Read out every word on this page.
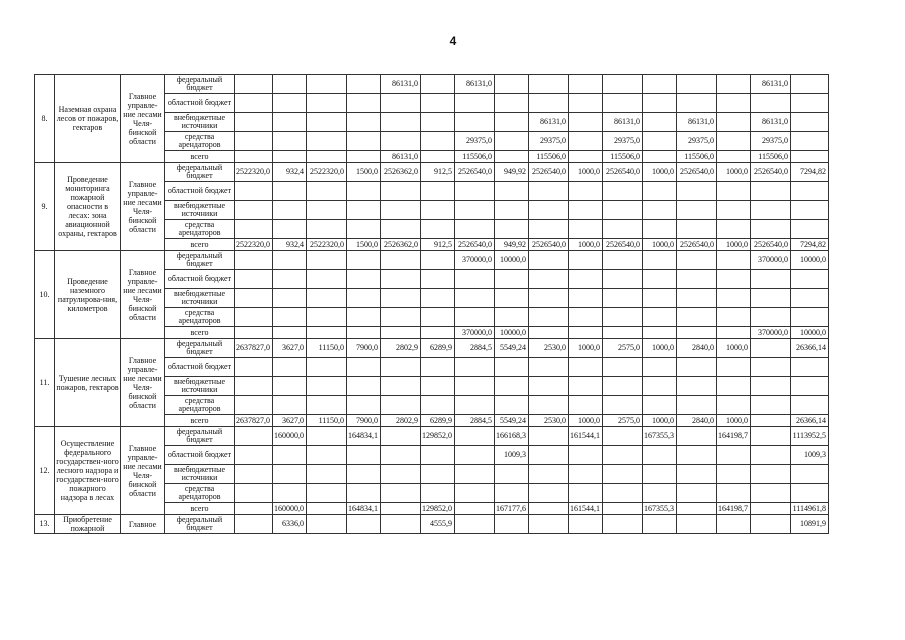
4
8.	Наземная охрана лесов от пожаров, гектаров	Главное управле-ние лесами Челя-бинской области	федеральный бюджет					86131,0		86131,0								86131,0	
			областной бюджет																
			внебюджетные источники									86131,0		86131,0		86131,0		86131,0	
			средства арендаторов							29375,0		29375,0		29375,0		29375,0		29375,0	
			всего					86131,0		115506,0		115506,0		115506,0		115506,0		115506,0	
9.	Проведение мониторинга пожарной опасности в лесах: зона авиационной охраны, гектаров	Главное управле-ние лесами Челя-бинской области	федеральный бюджет	2522320,0	932,4	2522320,0	1500,0	2526362,0	912,5	2526540,0	949,92	2526540,0	1000,0	2526540,0	1000,0	2526540,0	1000,0	2526540,0	7294,82
			областной бюджет																
			внебюджетные источники																
			средства арендаторов																
			всего	2522320,0	932,4	2522320,0	1500,0	2526362,0	912,5	2526540,0	949,92	2526540,0	1000,0	2526540,0	1000,0	2526540,0	1000,0	2526540,0	7294,82
10.	Проведение наземного патрулирова-ния, километров	Главное управле-ние лесами Челя-бинской области	федеральный бюджет							370000,0	10000,0							370000,0	10000,0
			областной бюджет																
			внебюджетные источники																
			средства арендаторов																
			всего							370000,0	10000,0							370000,0	10000,0
11.	Тушение лесных пожаров, гектаров	Главное управле-ние лесами Челя-бинской области	федеральный бюджет	2637827,0	3627,0	11150,0	7900,0	2802,9	6289,9	2884,5	5549,24	2530,0	1000,0	2575,0	1000,0	2840,0	1000,0		26366,14
			областной бюджет																
			внебюджетные источники																
			средства арендаторов																
			всего	2637827,0	3627,0	11150,0	7900,0	2802,9	6289,9	2884,5	5549,24	2530,0	1000,0	2575,0	1000,0	2840,0	1000,0		26366,14
12.	Осуществление федерального государствен-ного лесного надзора и государствен-ного пожарного надзора в лесах	Главное управле-ние лесами Челя-бинской области	федеральный бюджет		160000,0		164834,1		129852,0		166168,3		161544,1		167355,3		164198,7		1113952,5
			областной бюджет								1009,3								1009,3
			внебюджетные источники																
			средства арендаторов																
			всего		160000,0		164834,1		129852,0		167177,6		161544,1		167355,3		164198,7		1114961,8
13.	Приобретение пожарной	Главное	федеральный бюджет		6336,0				4555,9										10891,9
